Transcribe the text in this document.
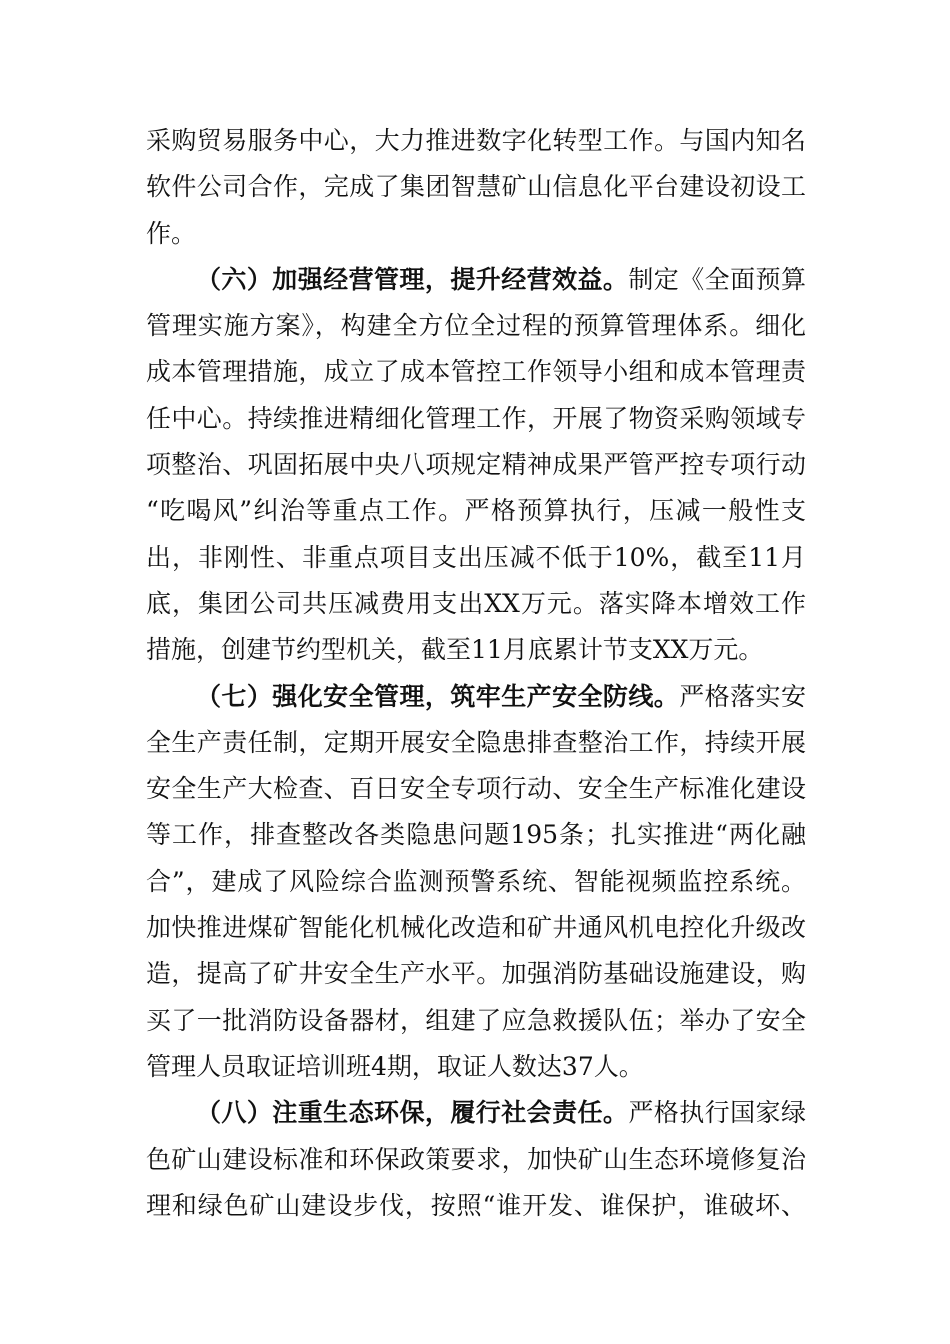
采购贸易服务中心，大力推进数字化转型工作。与国内知名
软件公司合作，完成了集团智慧矿山信息化平台建设初设工
作。

（六）加强经营管理，提升经营效益。制定《全面预算
管理实施方案》，构建全方位全过程的预算管理体系。细化
成本管理措施，成立了成本管控工作领导小组和成本管理责
任中心。持续推进精细化管理工作，开展了物资采购领域专
项整治、巩固拓展中央八项规定精神成果严管严控专项行动
“吃喝风”纠治等重点工作。严格预算执行，压减一般性支
出，非刚性、非重点项目支出压减不低于10%，截至11月
底，集团公司共压减费用支出XX万元。落实降本增效工作
措施，创建节约型机关，截至11月底累计节支XX万元。

（七）强化安全管理，筑牢生产安全防线。严格落实安
全生产责任制，定期开展安全隐患排查整治工作，持续开展
安全生产大检查、百日安全专项行动、安全生产标准化建设
等工作，排查整改各类隐患问题195条；扎实推进“两化融
合”，建成了风险综合监测预警系统、智能视频监控系统。
加快推进煤矿智能化机械化改造和矿井通风机电控化升级改
造，提高了矿井安全生产水平。加强消防基础设施建设，购
买了一批消防设备器材，组建了应急救援队伍；举办了安全
管理人员取证培训班4期，取证人数达37人。

（八）注重生态环保，履行社会责任。严格执行国家绿
色矿山建设标准和环保政策要求，加快矿山生态环境修复治
理和绿色矿山建设步伐，按照“谁开发、谁保护，谁破坏、
